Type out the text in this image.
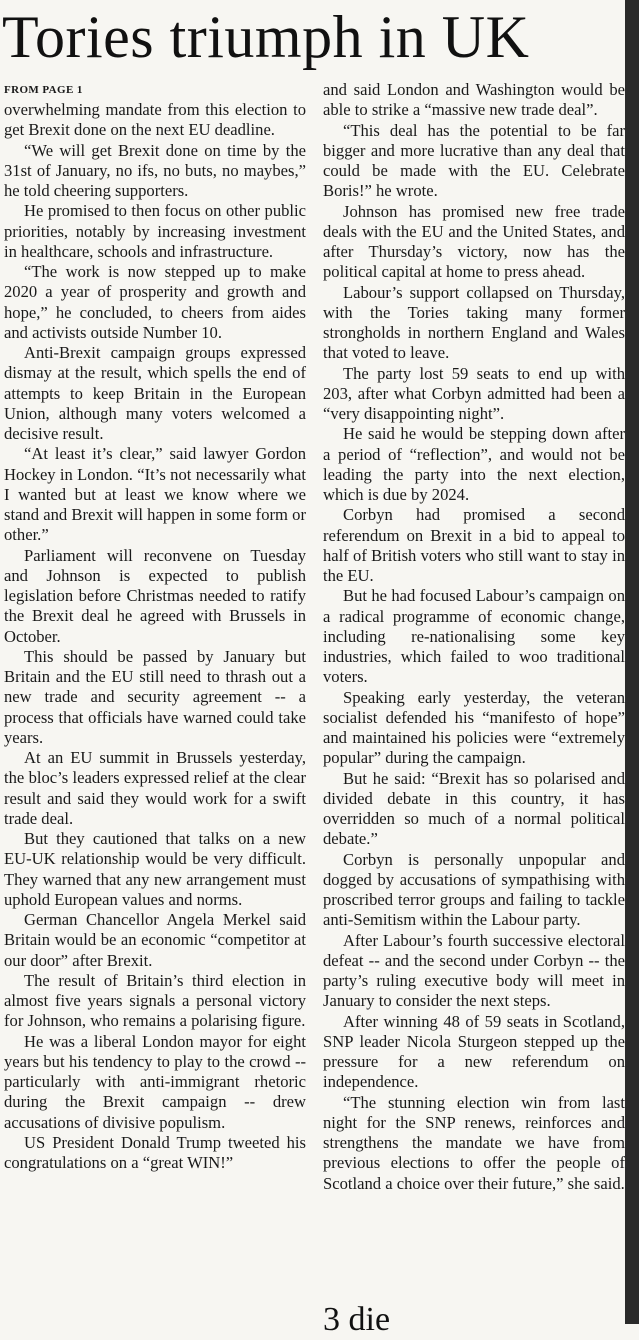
Tories triumph in UK
FROM PAGE 1

overwhelming mandate from this election to get Brexit done on the next EU deadline.

“We will get Brexit done on time by the 31st of January, no ifs, no buts, no maybes,” he told cheering supporters.

He promised to then focus on other public priorities, notably by increasing investment in healthcare, schools and infrastructure.

“The work is now stepped up to make 2020 a year of prosperity and growth and hope,” he concluded, to cheers from aides and activists outside Number 10.

Anti-Brexit campaign groups expressed dismay at the result, which spells the end of attempts to keep Britain in the European Union, although many voters welcomed a decisive result.

“At least it’s clear,” said lawyer Gordon Hockey in London. “It’s not necessarily what I wanted but at least we know where we stand and Brexit will happen in some form or other.”

Parliament will reconvene on Tuesday and Johnson is expected to publish legislation before Christmas needed to ratify the Brexit deal he agreed with Brussels in October.

This should be passed by January but Britain and the EU still need to thrash out a new trade and security agreement -- a process that officials have warned could take years.

At an EU summit in Brussels yesterday, the bloc’s leaders expressed relief at the clear result and said they would work for a swift trade deal.

But they cautioned that talks on a new EU-UK relationship would be very difficult. They warned that any new arrangement must uphold European values and norms.

German Chancellor Angela Merkel said Britain would be an economic “competitor at our door” after Brexit.

The result of Britain’s third election in almost five years signals a personal victory for Johnson, who remains a polarising figure.

He was a liberal London mayor for eight years but his tendency to play to the crowd -- particularly with anti-immigrant rhetoric during the Brexit campaign -- drew accusations of divisive populism.

US President Donald Trump tweeted his congratulations on a “great WIN!”

and said London and Washington would be able to strike a “massive new trade deal”.

“This deal has the potential to be far bigger and more lucrative than any deal that could be made with the EU. Celebrate Boris!” he wrote.

Johnson has promised new free trade deals with the EU and the United States, and after Thursday’s victory, now has the political capital at home to press ahead.

Labour’s support collapsed on Thursday, with the Tories taking many former strongholds in northern England and Wales that voted to leave.

The party lost 59 seats to end up with 203, after what Corbyn admitted had been a “very disappointing night”.

He said he would be stepping down after a period of “reflection”, and would not be leading the party into the next election, which is due by 2024.

Corbyn had promised a second referendum on Brexit in a bid to appeal to half of British voters who still want to stay in the EU.

But he had focused Labour’s campaign on a radical programme of economic change, including re-nationalising some key industries, which failed to woo traditional voters.

Speaking early yesterday, the veteran socialist defended his “manifesto of hope” and maintained his policies were “extremely popular” during the campaign.

But he said: “Brexit has so polarised and divided debate in this country, it has overridden so much of a normal political debate.”

Corbyn is personally unpopular and dogged by accusations of sympathising with proscribed terror groups and failing to tackle anti-Semitism within the Labour party.

After Labour’s fourth successive electoral defeat -- and the second under Corbyn -- the party’s ruling executive body will meet in January to consider the next steps.

After winning 48 of 59 seats in Scotland, SNP leader Nicola Sturgeon stepped up the pressure for a new referendum on independence.

“The stunning election win from last night for the SNP renews, reinforces and strengthens the mandate we have from previous elections to offer the people of Scotland a choice over their future,” she said.

3 die
